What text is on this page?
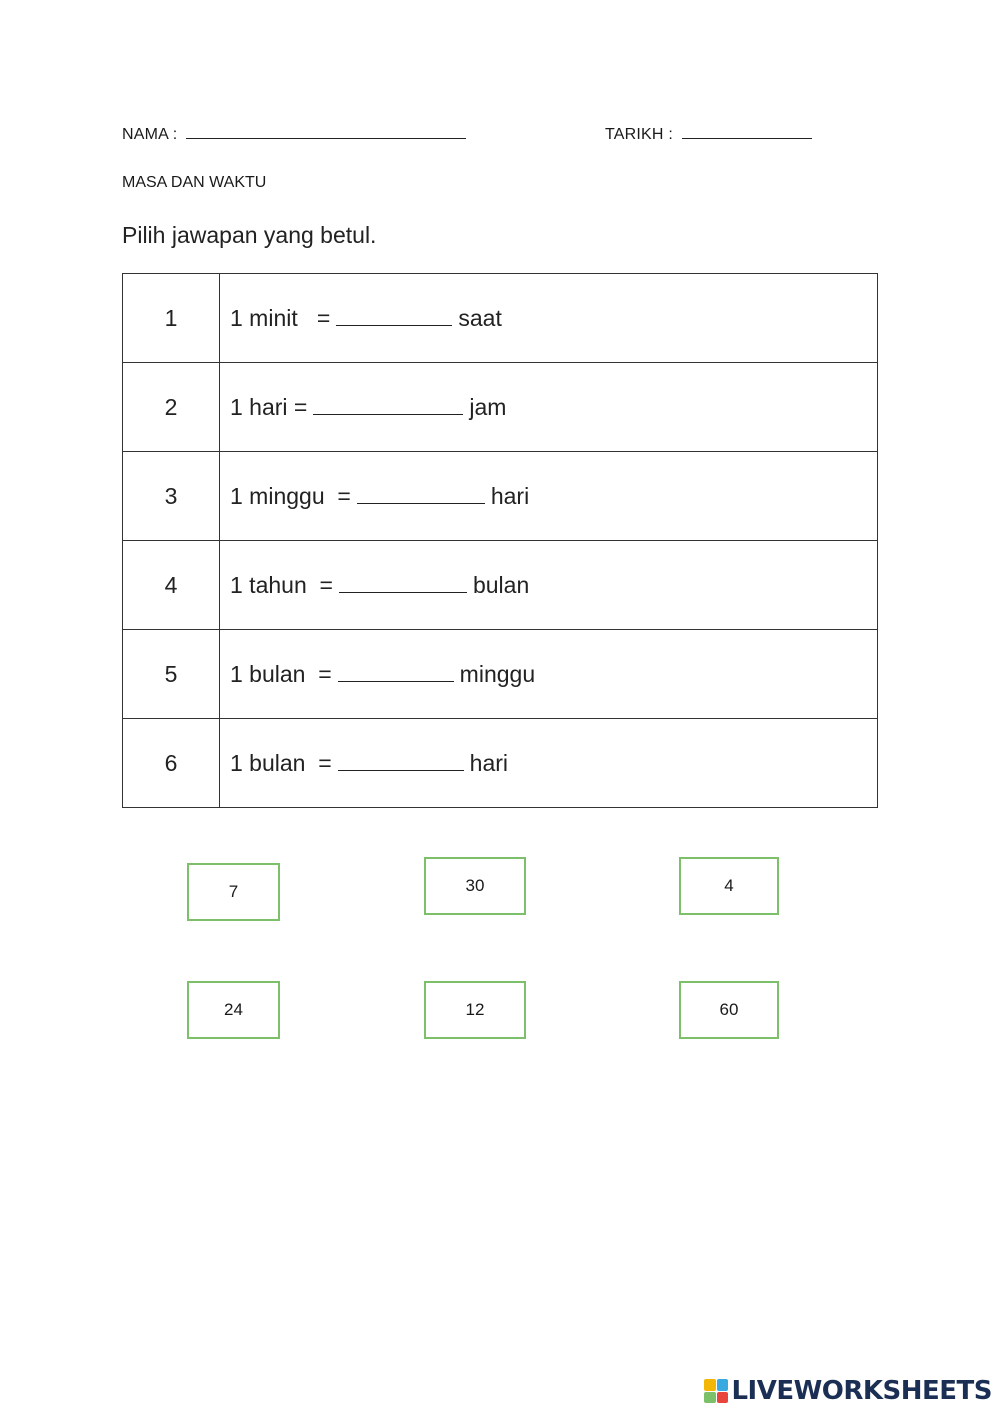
NAMA :	TARIKH :
MASA DAN WAKTU
Pilih jawapan yang betul.
1	1 minit   = saat
2	1 hari = jam
3	1 minggu  = hari
4	1 tahun  = bulan
5	1 bulan  = minggu
6	1 bulan  = hari
7	30	4
24	12	60
LIVEWORKSHEETS
